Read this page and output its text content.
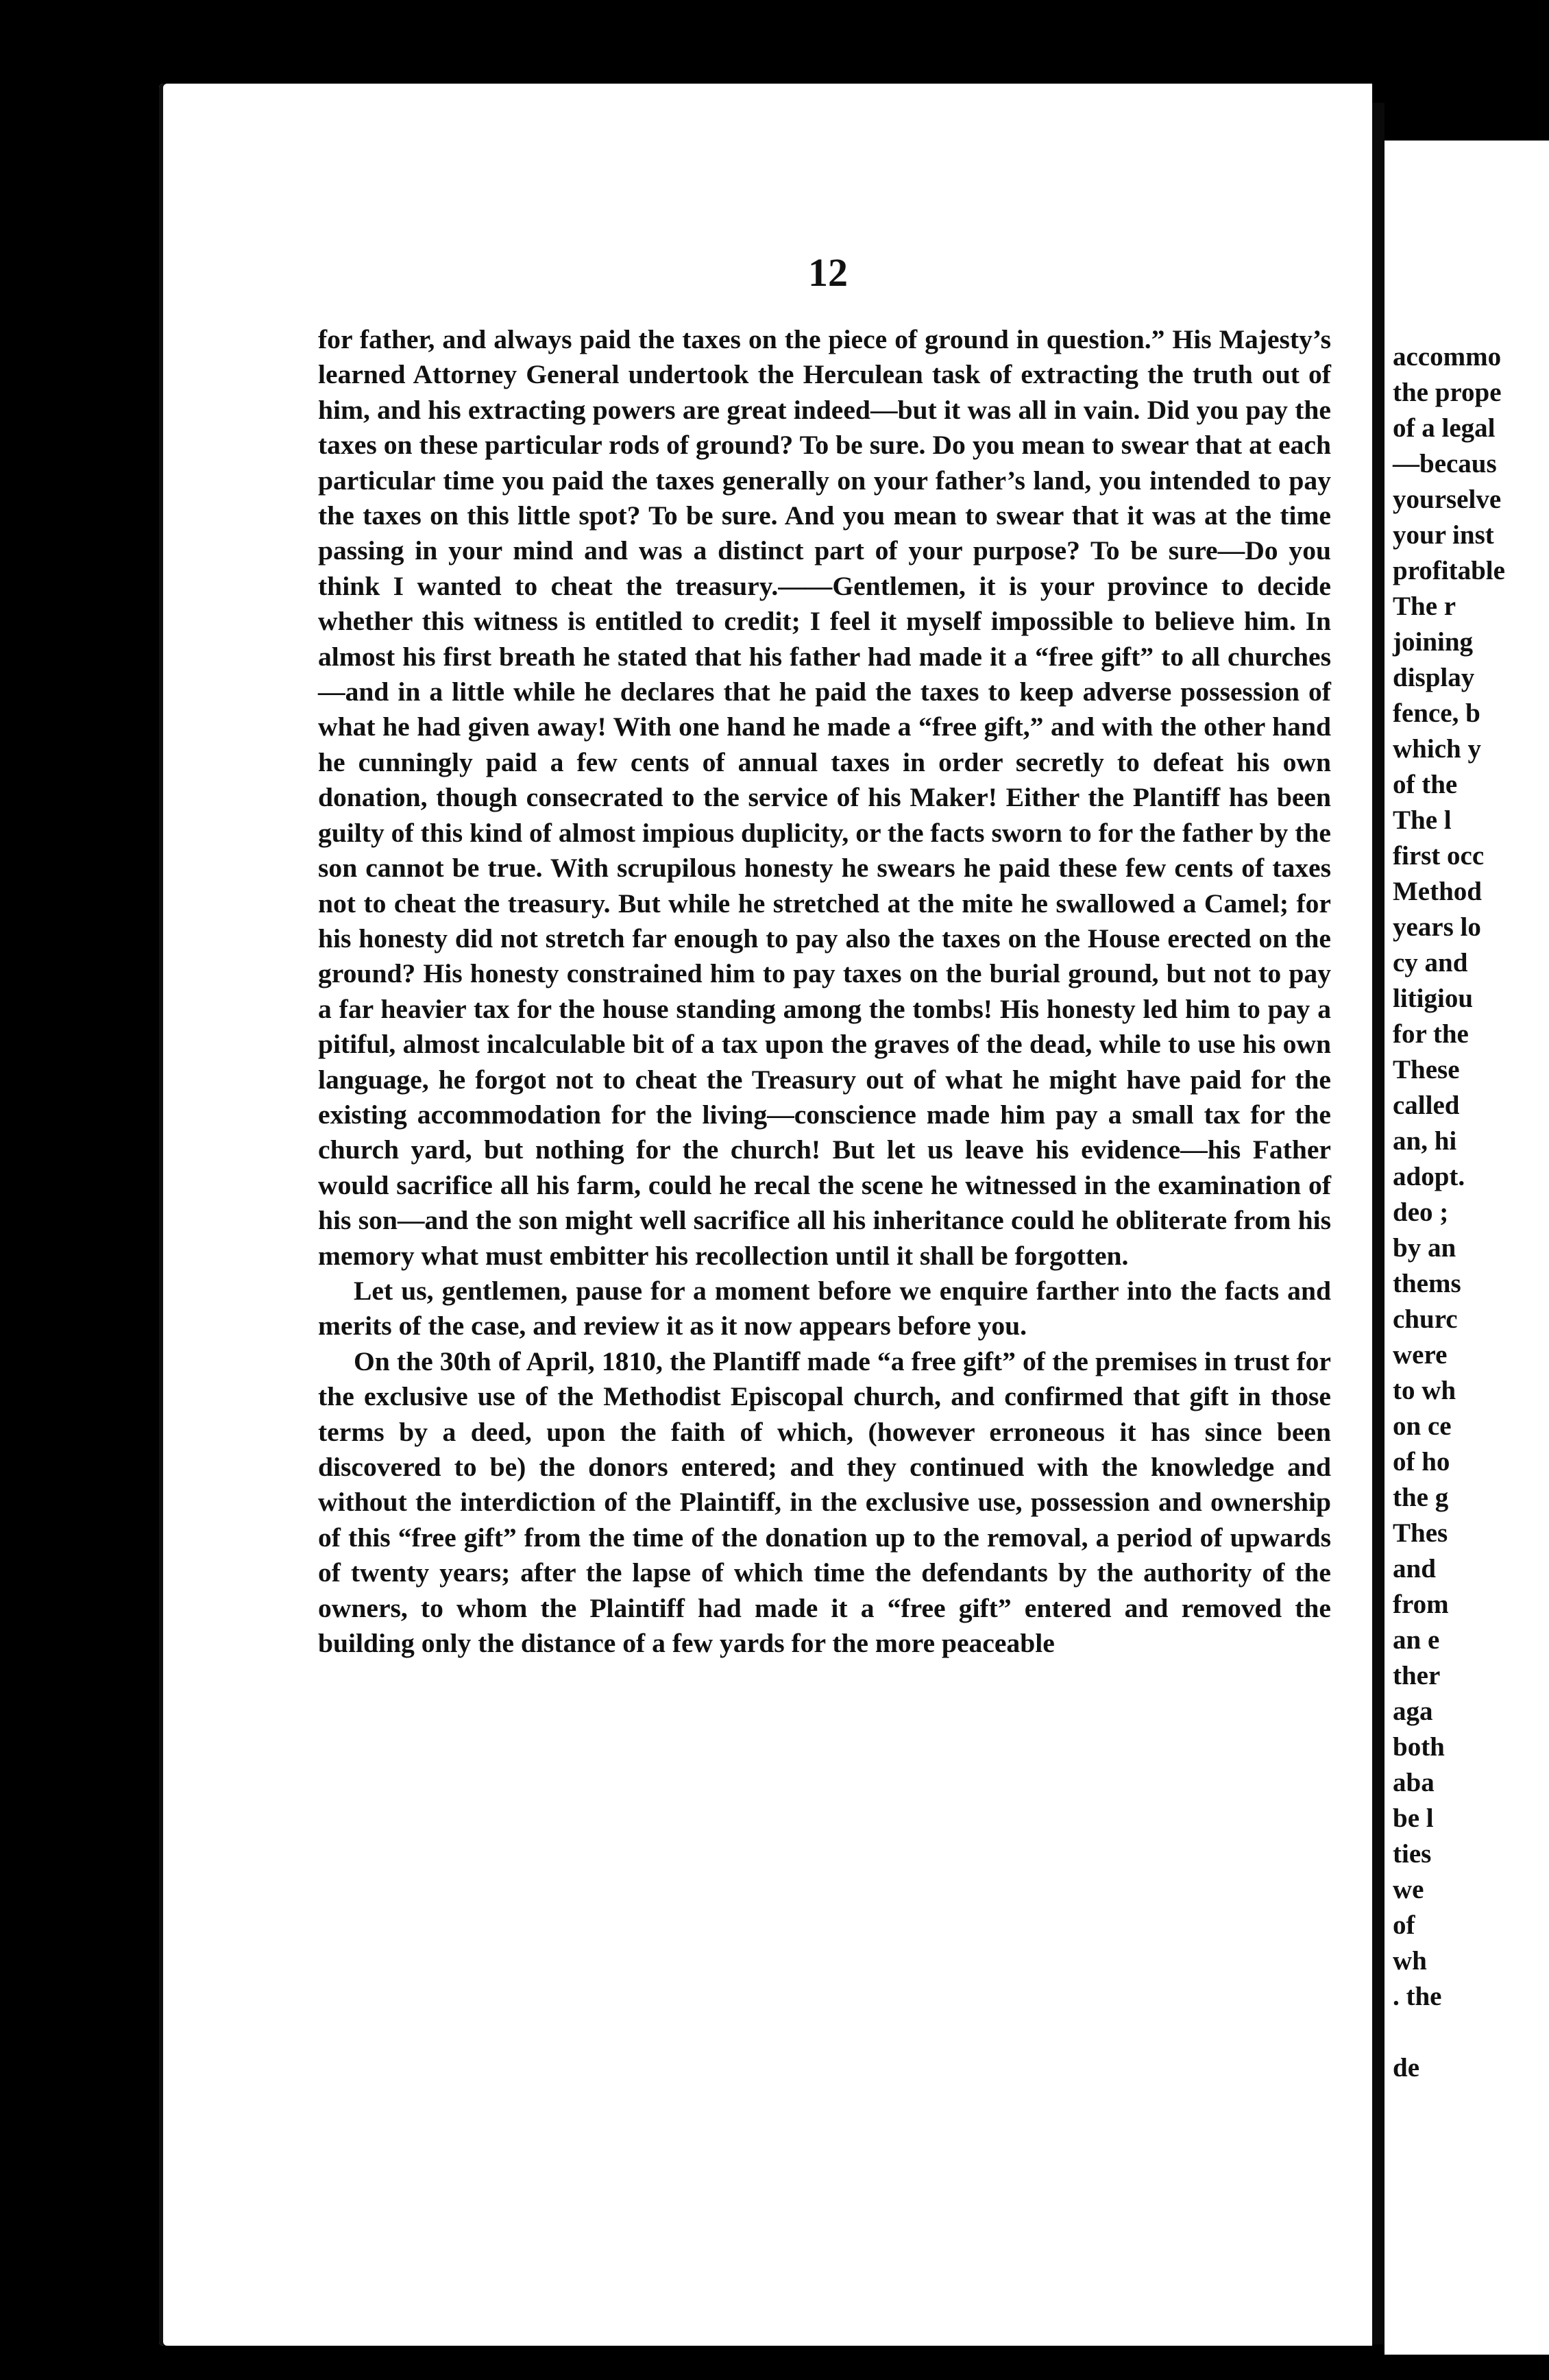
accommo
the prope
of a legal
—becaus
yourselve
your inst
profitable
The r
joining
display
fence, b
which y
of the
The l
first occ
Method
years lo
cy and
litigiou
for the
These
called
an, hi
adopt.
deo ;
by an
thems
churc
were
to wh
on ce
of ho
the g
Thes
and
from
an e
ther
aga
both
aba
be l
ties
we
of
wh
. the
de
12

for father, and always paid the taxes on the piece of ground in question.” His Majesty’s learned Attorney General undertook the Herculean task of extracting the truth out of him, and his extracting powers are great indeed—but it was all in vain. Did you pay the taxes on these particular rods of ground? To be sure. Do you mean to swear that at each particular time you paid the taxes generally on your father’s land, you intended to pay the taxes on this little spot? To be sure. And you mean to swear that it was at the time passing in your mind and was a distinct part of your purpose? To be sure—Do you think I wanted to cheat the treasury.——Gentlemen, it is your province to decide whether this witness is entitled to credit; I feel it myself impossible to believe him. In almost his first breath he stated that his father had made it a “free gift” to all churches—and in a little while he declares that he paid the taxes to keep adverse possession of what he had given away! With one hand he made a “free gift,” and with the other hand he cunningly paid a few cents of annual taxes in order secretly to defeat his own donation, though consecrated to the service of his Maker! Either the Plantiff has been guilty of this kind of almost impious duplicity, or the facts sworn to for the father by the son cannot be true. With scrupilous honesty he swears he paid these few cents of taxes not to cheat the treasury. But while he stretched at the mite he swallowed a Camel; for his honesty did not stretch far enough to pay also the taxes on the House erected on the ground? His honesty constrained him to pay taxes on the burial ground, but not to pay a far heavier tax for the house standing among the tombs! His honesty led him to pay a pitiful, almost incalculable bit of a tax upon the graves of the dead, while to use his own language, he forgot not to cheat the Treasury out of what he might have paid for the existing accommodation for the living—conscience made him pay a small tax for the church yard, but nothing for the church! But let us leave his evidence—his Father would sacrifice all his farm, could he recal the scene he witnessed in the examination of his son—and the son might well sacrifice all his inheritance could he obliterate from his memory what must embitter his recollection until it shall be forgotten.

Let us, gentlemen, pause for a moment before we enquire farther into the facts and merits of the case, and review it as it now appears before you.

On the 30th of April, 1810, the Plantiff made “a free gift” of the premises in trust for the exclusive use of the Methodist Episcopal church, and confirmed that gift in those terms by a deed, upon the faith of which, (however erroneous it has since been discovered to be) the donors entered; and they continued with the knowledge and without the interdiction of the Plaintiff, in the exclusive use, possession and ownership of this “free gift” from the time of the donation up to the removal, a period of upwards of twenty years; after the lapse of which time the defendants by the authority of the owners, to whom the Plaintiff had made it a “free gift” entered and removed the building only the distance of a few yards for the more peaceable
